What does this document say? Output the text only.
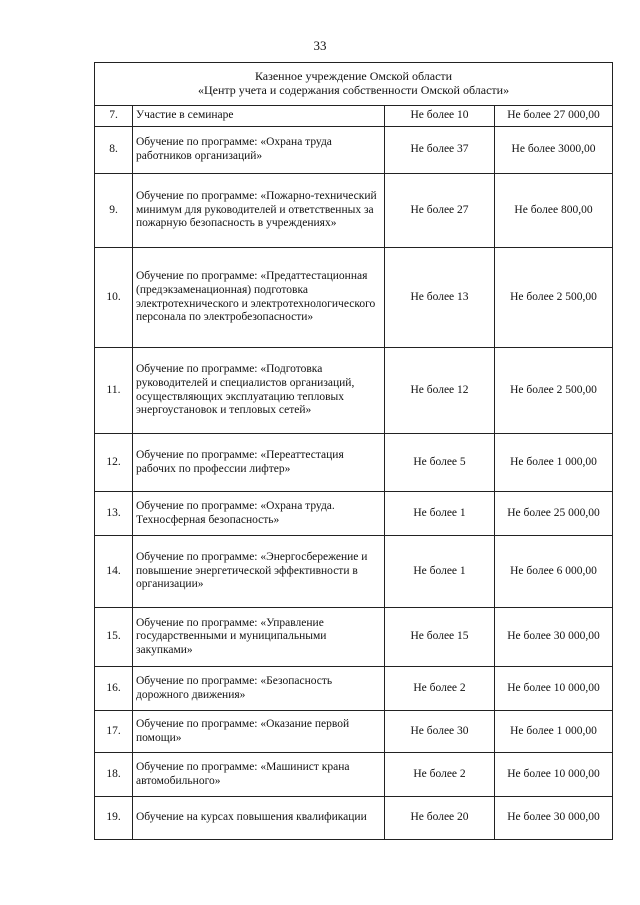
33
Казенное учреждение Омской области
«Центр учета и содержания собственности Омской области»			

7.	Участие в семинаре	Не более 10	Не более 27 000,00
8.	Обучение по программе: «Охрана труда работников организаций»	Не более 37	Не более 3000,00
9.	Обучение по программе: «Пожарно-технический минимум для руководителей и ответственных за пожарную безопасность в учреждениях»	Не более 27	Не более 800,00
10.	Обучение по программе: «Предаттестационная (предэкзаменационная) подготовка электротехнического и электротехнологического персонала по электробезопасности»	Не более 13	Не более 2 500,00
11.	Обучение по программе: «Подготовка руководителей и специалистов организаций, осуществляющих эксплуатацию тепловых энергоустановок и тепловых сетей»	Не более 12	Не более 2 500,00
12.	Обучение по программе: «Переаттестация рабочих по профессии лифтер»	Не более 5	Не более 1 000,00
13.	Обучение по программе: «Охрана труда. Техносферная безопасность»	Не более 1	Не более 25 000,00
14.	Обучение по программе: «Энергосбережение и повышение энергетической эффективности в организации»	Не более 1	Не более 6 000,00
15.	Обучение по программе: «Управление государственными и муниципальными закупками»	Не более 15	Не более 30 000,00
16.	Обучение по программе: «Безопасность дорожного движения»	Не более 2	Не более 10 000,00
17.	Обучение по программе: «Оказание первой помощи»	Не более 30	Не более 1 000,00
18.	Обучение по программе: «Машинист крана автомобильного»	Не более 2	Не более 10 000,00
19.	Обучение на курсах повышения квалификации	Не более 20	Не более 30 000,00
